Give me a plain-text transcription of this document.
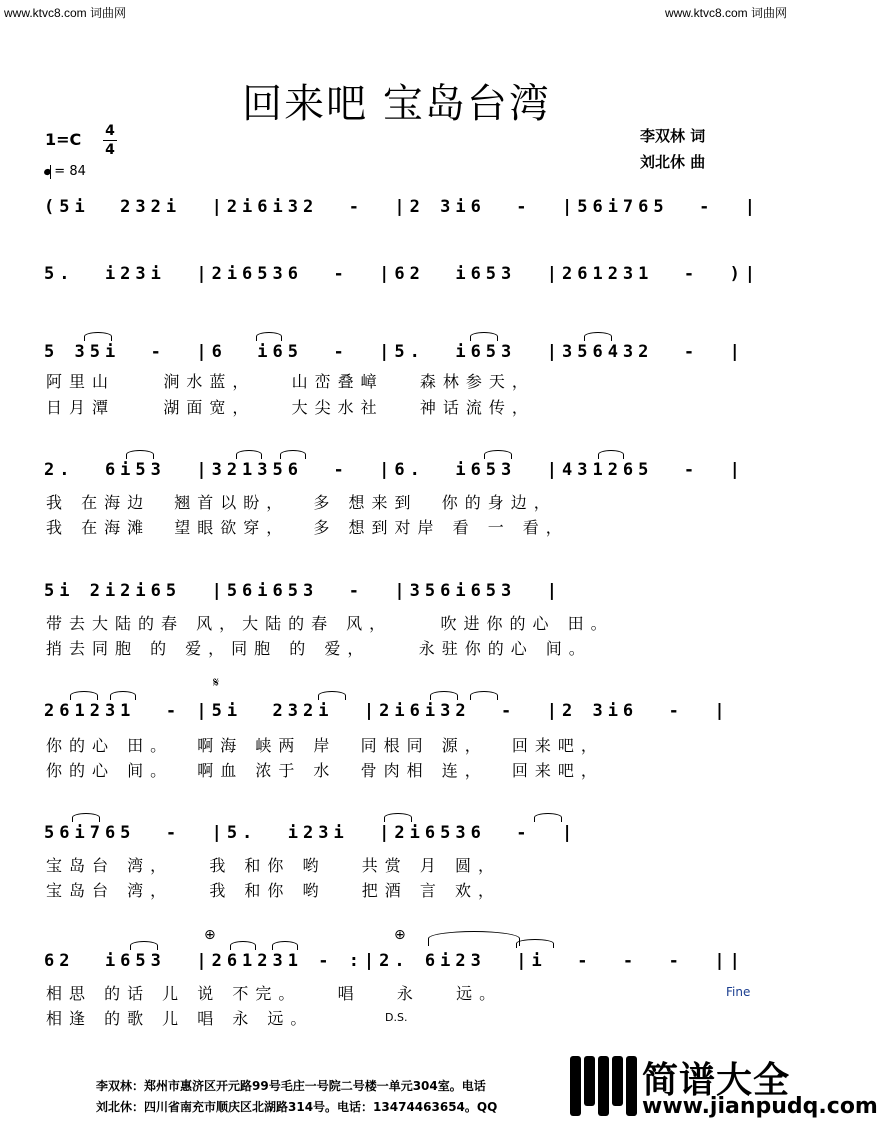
www.ktvc8.com 词曲网	www.ktvc8.com 词曲网
回来吧 宝岛台湾
1=C 4
4
= 84
李双林 词
刘北休 曲
(5i  232i  |2i6i32  -  |2 3i6  -  |56i765  -  |
5.  i23i  |2i6536  -  |62  i653  |261231  -  )|
5 35i  -  |6  i65  -  |5.  i653  |356432  -  |
阿里山    涧水蓝，   山峦叠嶂   森林参天，
日月潭    湖面宽，   大尖水社   神话流传，
2.  6i53  |321356  -  |6.  i653  |431265  -  |
我 在海边  翘首以盼，  多 想来到  你的身边，
我 在海滩  望眼欲穿，  多 想到对岸 看 一 看，
5i 2i2i65  |56i653  -  |356i653  |
带去大陆的春 风，大陆的春 风，    吹进你的心 田。
捎去同胞 的 爱，同胞 的 爱，    永驻你的心 间。
𝄋
261231  - |5i  232i  |2i6i32  -  |2 3i6  -  |
你的心 田。  啊海 峡两 岸  同根同 源，  回来吧，
你的心 间。  啊血 浓于 水  骨肉相 连，  回来吧，
56i765  -  |5.  i23i  |2i6536  -  |
宝岛台 湾，   我 和你 哟   共赏 月 圆，
宝岛台 湾，   我 和你 哟   把酒 言 欢，
⊕	⊕
62  i653  |261231 - :|2. 6i23  |i  -  -  -  ||
相思 的话 儿 说 不完。   唱   永   远。
相逢 的歌 儿 唱 永 远。
Fine
D.S.
李双林：郑州市惠济区开元路99号毛庄一号院二号楼一单元304室。电话
刘北休：四川省南充市顺庆区北湖路314号。电话：13474463654。QQ
简谱大全
www.jianpudq.com
